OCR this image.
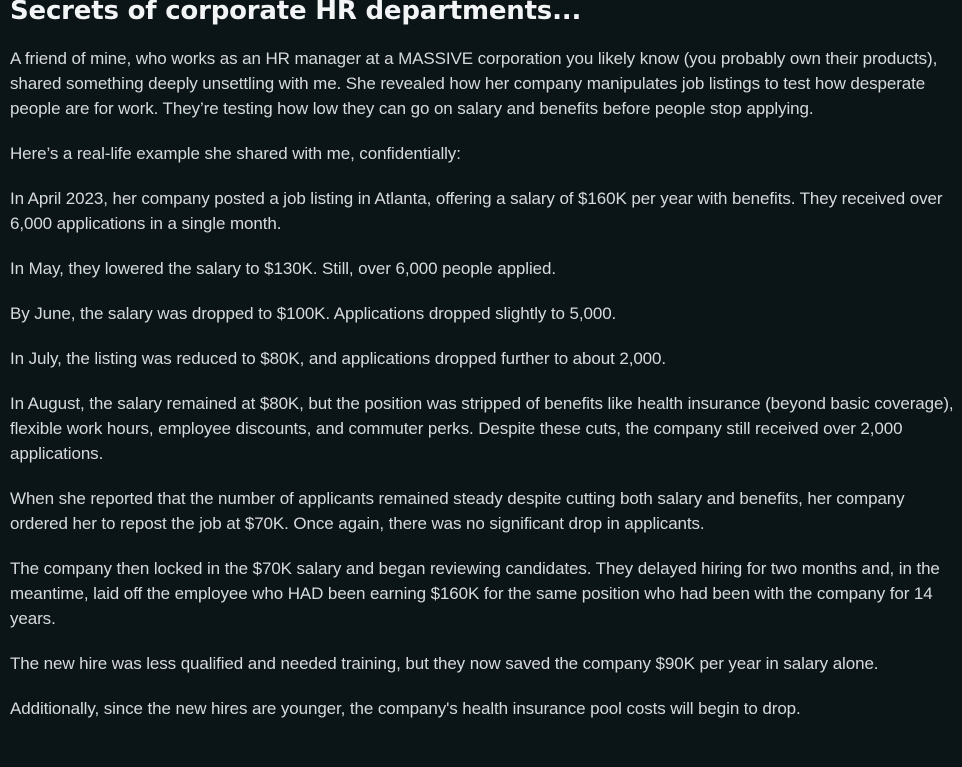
Secrets of corporate HR departments...

A friend of mine, who works as an HR manager at a MASSIVE corporation you likely know (you probably own their products), shared something deeply unsettling with me. She revealed how her company manipulates job listings to test how desperate people are for work. They’re testing how low they can go on salary and benefits before people stop applying.

Here’s a real-life example she shared with me, confidentially:

In April 2023, her company posted a job listing in Atlanta, offering a salary of $160K per year with benefits. They received over 6,000 applications in a single month.

In May, they lowered the salary to $130K. Still, over 6,000 people applied.

By June, the salary was dropped to $100K. Applications dropped slightly to 5,000.

In July, the listing was reduced to $80K, and applications dropped further to about 2,000.

In August, the salary remained at $80K, but the position was stripped of benefits like health insurance (beyond basic coverage), flexible work hours, employee discounts, and commuter perks. Despite these cuts, the company still received over 2,000 applications.

When she reported that the number of applicants remained steady despite cutting both salary and benefits, her company ordered her to repost the job at $70K. Once again, there was no significant drop in applicants.

The company then locked in the $70K salary and began reviewing candidates. They delayed hiring for two months and, in the meantime, laid off the employee who HAD been earning $160K for the same position who had been with the company for 14 years.

The new hire was less qualified and needed training, but they now saved the company $90K per year in salary alone.

Additionally, since the new hires are younger, the company's health insurance pool costs will begin to drop.
